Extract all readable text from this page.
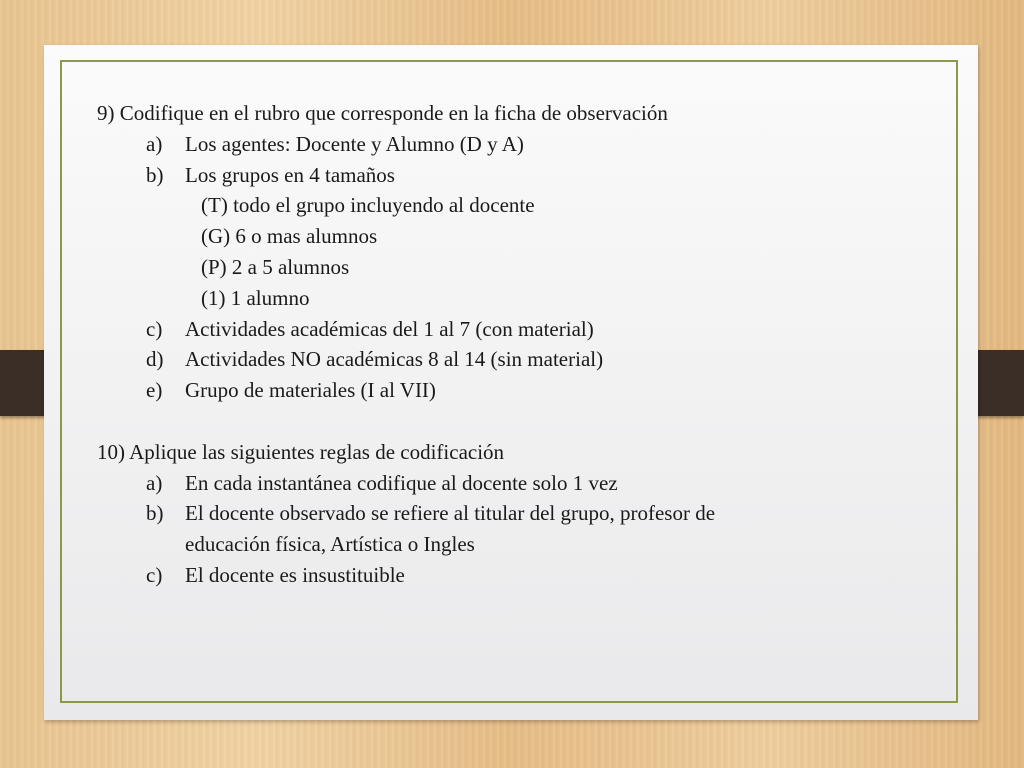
9) Codifique en el rubro que corresponde en la ficha de observación
a) Los agentes: Docente y Alumno (D y A)
b) Los grupos en 4 tamaños
(T) todo el grupo incluyendo al docente
(G) 6 o mas alumnos
(P) 2 a 5 alumnos
(1) 1 alumno
c) Actividades académicas del 1 al 7 (con material)
d) Actividades NO académicas 8 al 14 (sin material)
e) Grupo de materiales (I al VII)
10) Aplique las siguientes reglas de codificación
a) En cada instantánea codifique al docente solo 1 vez
b) El docente observado se refiere al titular del grupo, profesor de
educación física, Artística o Ingles
c) El docente es insustituible
